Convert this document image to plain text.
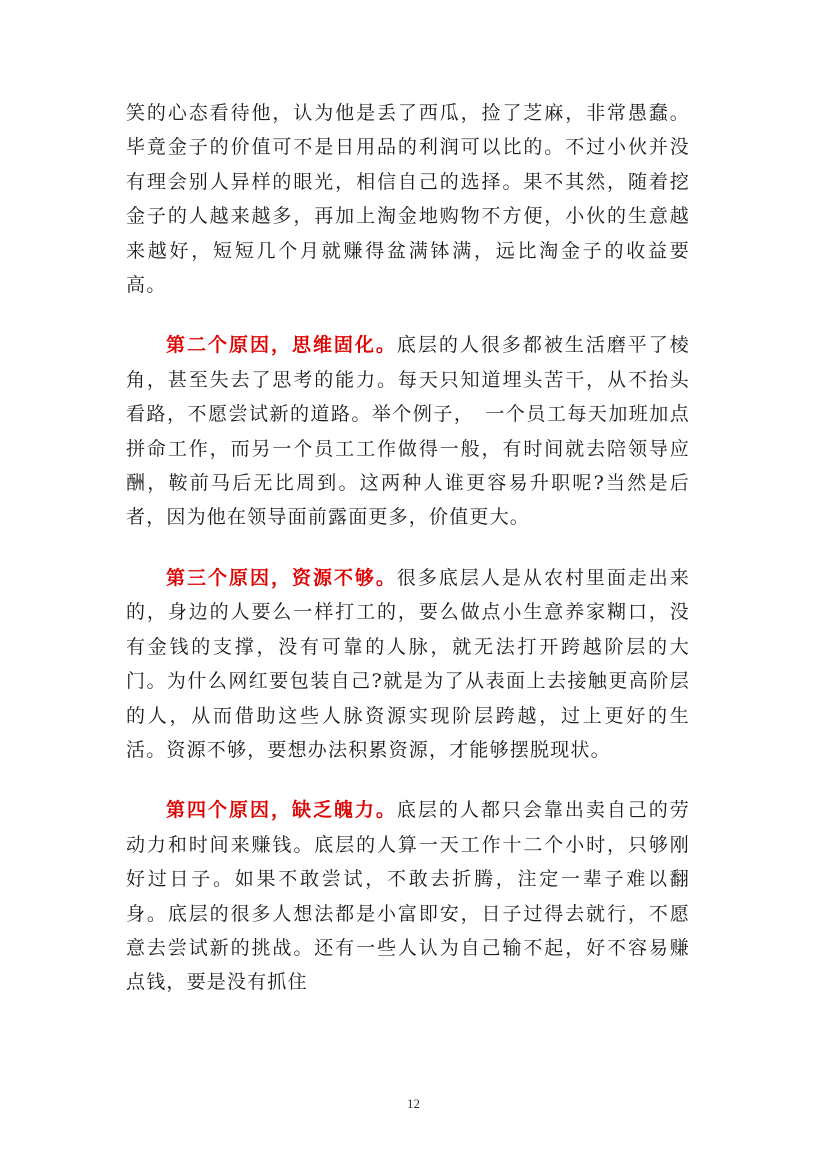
笑的心态看待他，认为他是丢了西瓜，捡了芝麻，非常愚蠢。毕竟金子的价值可不是日用品的利润可以比的。不过小伙并没有理会别人异样的眼光，相信自己的选择。果不其然，随着挖金子的人越来越多，再加上淘金地购物不方便，小伙的生意越来越好，短短几个月就赚得盆满钵满，远比淘金子的收益要高。

第二个原因，思维固化。底层的人很多都被生活磨平了棱角，甚至失去了思考的能力。每天只知道埋头苦干，从不抬头看路，不愿尝试新的道路。举个例子，　一个员工每天加班加点拼命工作，而另一个员工工作做得一般，有时间就去陪领导应酬，鞍前马后无比周到。这两种人谁更容易升职呢?当然是后者，因为他在领导面前露面更多，价值更大。

第三个原因，资源不够。很多底层人是从农村里面走出来的，身边的人要么一样打工的，要么做点小生意养家糊口，没有金钱的支撑，没有可靠的人脉，就无法打开跨越阶层的大门。为什么网红要包装自己?就是为了从表面上去接触更高阶层的人，从而借助这些人脉资源实现阶层跨越，过上更好的生活。资源不够，要想办法积累资源，才能够摆脱现状。

第四个原因，缺乏魄力。底层的人都只会靠出卖自己的劳动力和时间来赚钱。底层的人算一天工作十二个小时，只够刚好过日子。如果不敢尝试，不敢去折腾，注定一辈子难以翻身。底层的很多人想法都是小富即安，日子过得去就行，不愿意去尝试新的挑战。还有一些人认为自己输不起，好不容易赚点钱，要是没有抓住

12
